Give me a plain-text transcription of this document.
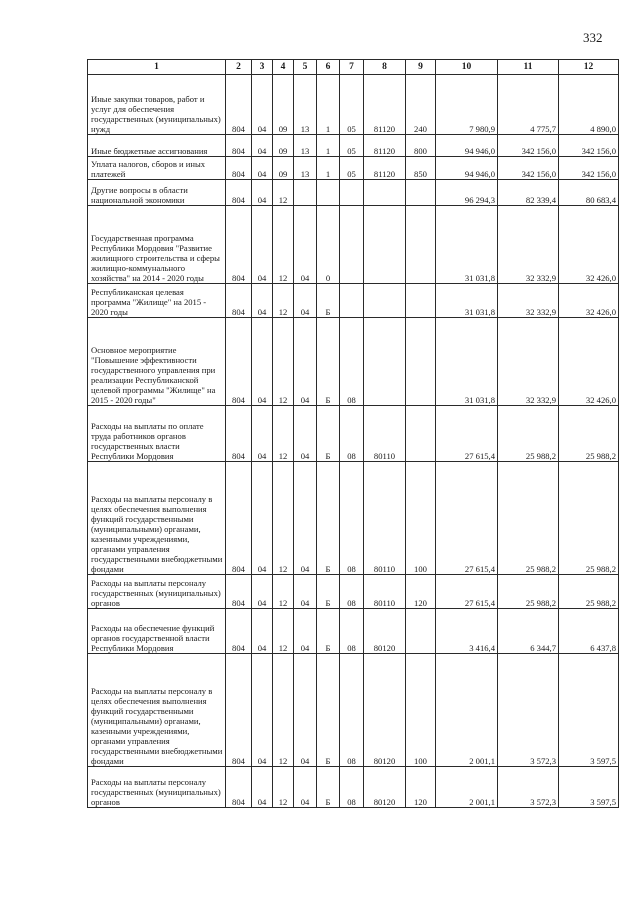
332
1	2	3	4	5	6	7	8	9	10	11	12
Иные закупки товаров, работ и услуг для обеспечения государственных (муниципальных) нужд	804	04	09	13	1	05	81120	240	7 980,9	4 775,7	4 890,0
Иные бюджетные ассигнования	804	04	09	13	1	05	81120	800	94 946,0	342 156,0	342 156,0
Уплата налогов, сборов и иных платежей	804	04	09	13	1	05	81120	850	94 946,0	342 156,0	342 156,0
Другие вопросы в области национальной экономики	804	04	12						96 294,3	82 339,4	80 683,4
Государственная программа Республики Мордовия "Развитие жилищного строительства и сферы жилищно-коммунального хозяйства" на 2014 - 2020 годы	804	04	12	04	0				31 031,8	32 332,9	32 426,0
Республиканская целевая программа "Жилище" на 2015 - 2020 годы	804	04	12	04	Б				31 031,8	32 332,9	32 426,0
Основное мероприятие "Повышение эффективности государственного управления при реализации Республиканской целевой программы "Жилище" на 2015 - 2020 годы"	804	04	12	04	Б	08			31 031,8	32 332,9	32 426,0
Расходы на выплаты по оплате труда работников органов государственных власти Республики Мордовия	804	04	12	04	Б	08	80110		27 615,4	25 988,2	25 988,2
Расходы на выплаты персоналу в целях обеспечения выполнения функций государственными (муниципальными) органами, казенными учреждениями, органами управления государственными внебюджетными фондами	804	04	12	04	Б	08	80110	100	27 615,4	25 988,2	25 988,2
Расходы на выплаты персоналу государственных (муниципальных) органов	804	04	12	04	Б	08	80110	120	27 615,4	25 988,2	25 988,2
Расходы на обеспечение функций органов государственной власти Республики Мордовия	804	04	12	04	Б	08	80120		3 416,4	6 344,7	6 437,8
Расходы на выплаты персоналу в целях обеспечения выполнения функций государственными (муниципальными) органами, казенными учреждениями, органами управления государственными внебюджетными фондами	804	04	12	04	Б	08	80120	100	2 001,1	3 572,3	3 597,5
Расходы на выплаты персоналу государственных (муниципальных) органов	804	04	12	04	Б	08	80120	120	2 001,1	3 572,3	3 597,5
